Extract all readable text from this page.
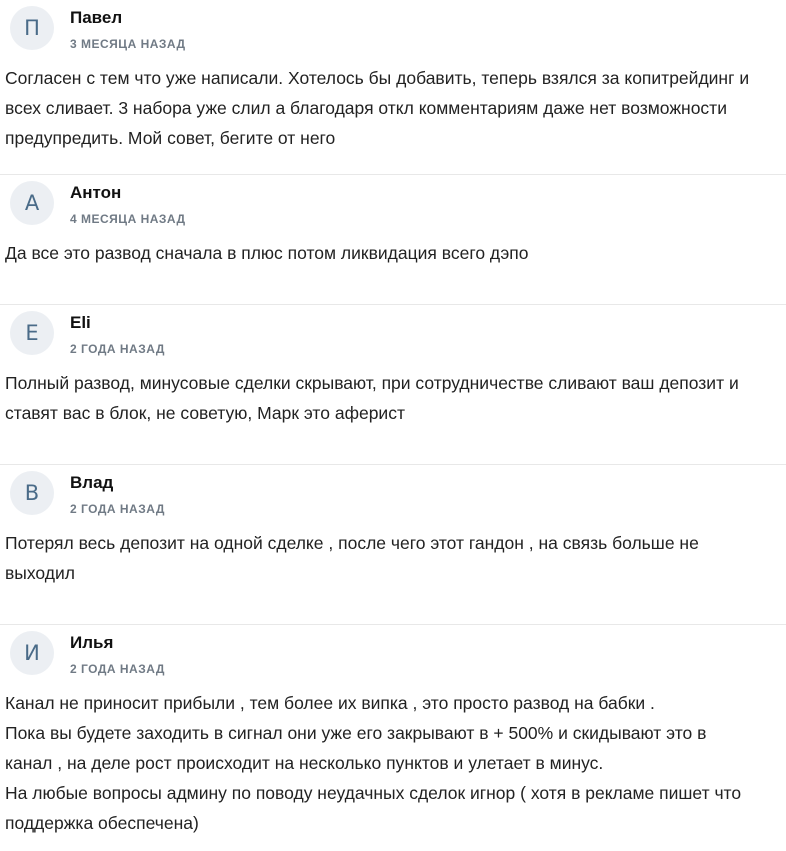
П	Павел
3 МЕСЯЦА НАЗАД

Согласен с тем что уже написали. Хотелось бы добавить, теперь взялся за копитрейдинг и

всех сливает. 3 набора уже слил а благодаря откл комментариям даже нет возможности

предупредить. Мой совет, бегите от него

А	Антон
4 МЕСЯЦА НАЗАД

Да все это развод сначала в плюс потом ликвидация всего дэпо

E	Eli
2 ГОДА НАЗАД

Полный развод, минусовые сделки скрывают, при сотрудничестве сливают ваш депозит и

ставят вас в блок, не советую, Марк это аферист

В	Влад
2 ГОДА НАЗАД

Потерял весь депозит на одной сделке , после чего этот гандон , на связь больше не

выходил

И	Илья
2 ГОДА НАЗАД

Канал не приносит прибыли , тем более их випка , это просто развод на бабки .

Пока вы будете заходить в сигнал они уже его закрывают в + 500% и скидывают это в

канал , на деле рост происходит на несколько пунктов и улетает в минус.

На любые вопросы админу по поводу неудачных сделок игнор ( хотя в рекламе пишет что

поддержка обеспечена)
